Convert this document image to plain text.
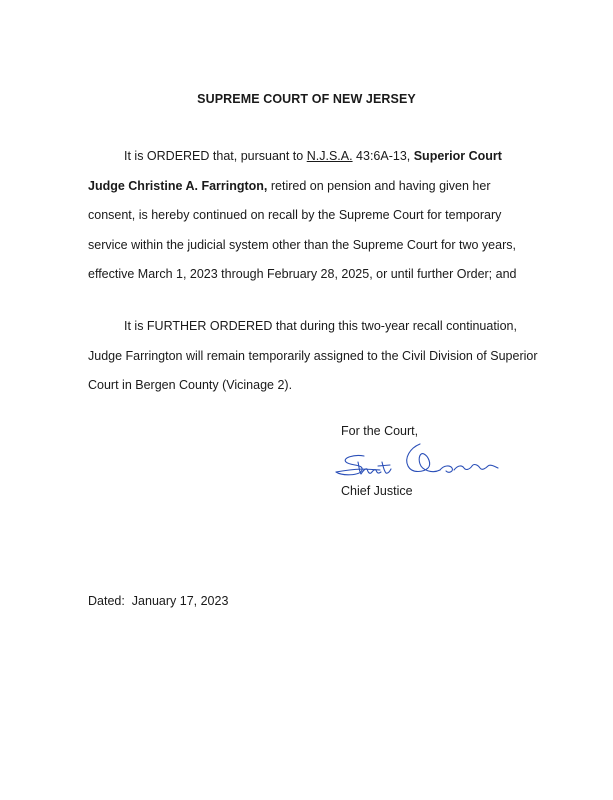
SUPREME COURT OF NEW JERSEY
It is ORDERED that, pursuant to N.J.S.A. 43:6A-13, Superior Court
Judge Christine A. Farrington, retired on pension and having given her
consent, is hereby continued on recall by the Supreme Court for temporary
service within the judicial system other than the Supreme Court for two years,
effective March 1, 2023 through February 28, 2025, or until further Order; and
It is FURTHER ORDERED that during this two-year recall continuation,
Judge Farrington will remain temporarily assigned to the Civil Division of Superior
Court in Bergen County (Vicinage 2).
For the Court,
Chief Justice
Dated: January 17, 2023
